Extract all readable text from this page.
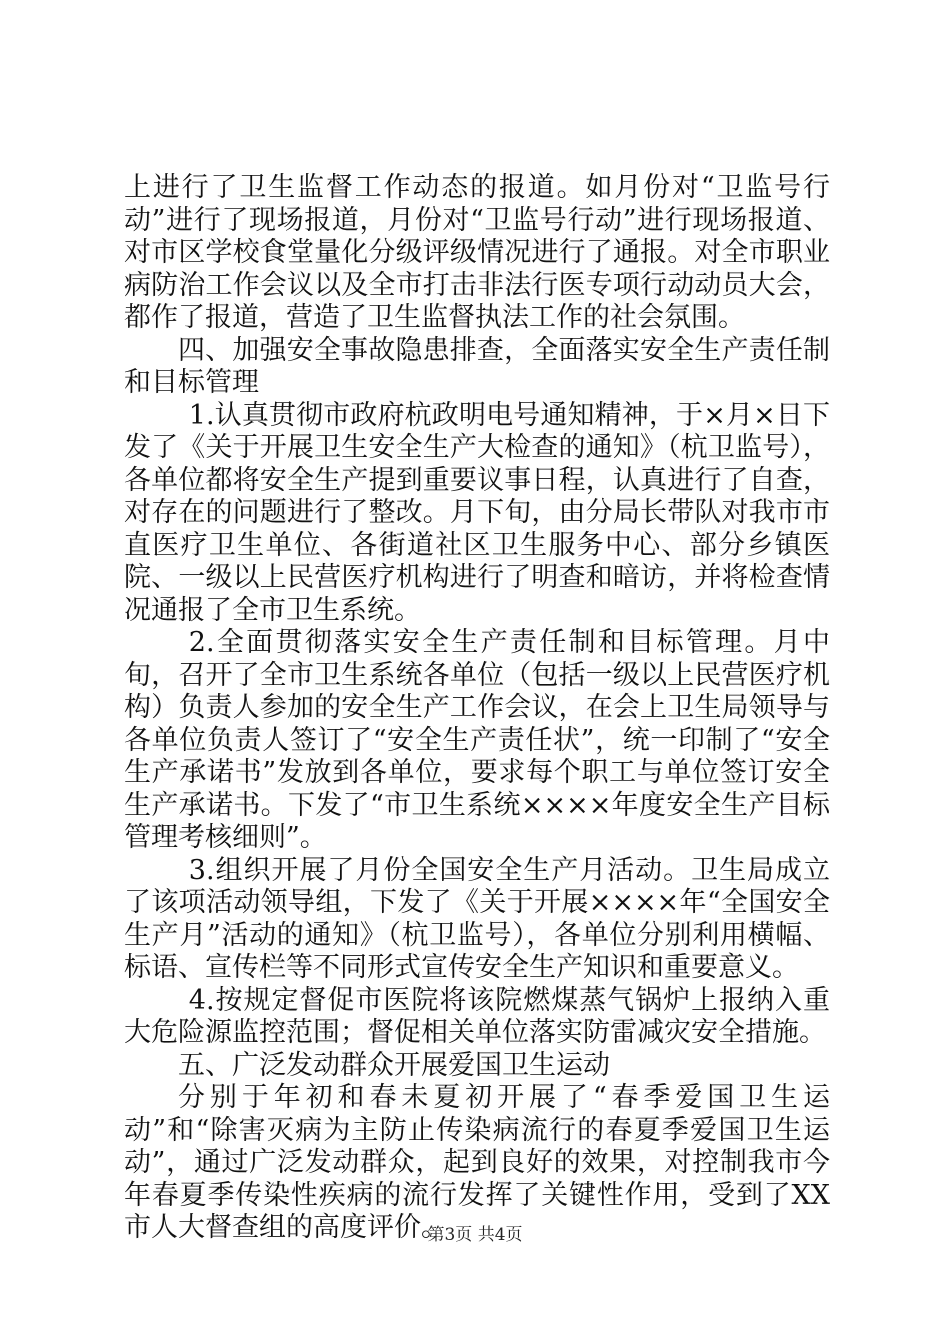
上进行了卫生监督工作动态的报道。如月份对“卫监号行动”进行了现场报道，月份对“卫监号行动”进行现场报道、对市区学校食堂量化分级评级情况进行了通报。对全市职业病防治工作会议以及全市打击非法行医专项行动动员大会，都作了报道，营造了卫生监督执法工作的社会氛围。

四、加强安全事故隐患排查，全面落实安全生产责任制和目标管理

1.认真贯彻市政府杭政明电号通知精神，于×月×日下发了《关于开展卫生安全生产大检查的通知》（杭卫监号），各单位都将安全生产提到重要议事日程，认真进行了自查，对存在的问题进行了整改。月下旬，由分局长带队对我市市直医疗卫生单位、各街道社区卫生服务中心、部分乡镇医院、一级以上民营医疗机构进行了明查和暗访，并将检查情况通报了全市卫生系统。

2.全面贯彻落实安全生产责任制和目标管理。月中旬，召开了全市卫生系统各单位（包括一级以上民营医疗机构）负责人参加的安全生产工作会议，在会上卫生局领导与各单位负责人签订了“安全生产责任状”，统一印制了“安全生产承诺书”发放到各单位，要求每个职工与单位签订安全生产承诺书。下发了“市卫生系统××××年度安全生产目标管理考核细则”。

3.组织开展了月份全国安全生产月活动。卫生局成立了该项活动领导组，下发了《关于开展××××年“全国安全生产月”活动的通知》（杭卫监号），各单位分别利用横幅、标语、宣传栏等不同形式宣传安全生产知识和重要意义。

4.按规定督促市医院将该院燃煤蒸气锅炉上报纳入重大危险源监控范围；督促相关单位落实防雷减灾安全措施。

五、广泛发动群众开展爱国卫生运动

分别于年初和春未夏初开展了“春季爱国卫生运动”和“除害灭病为主防止传染病流行的春夏季爱国卫生运动”，通过广泛发动群众，起到良好的效果，对控制我市今年春夏季传染性疾病的流行发挥了关键性作用，受到了XX市人大督查组的高度评价。

第3页 共4页
